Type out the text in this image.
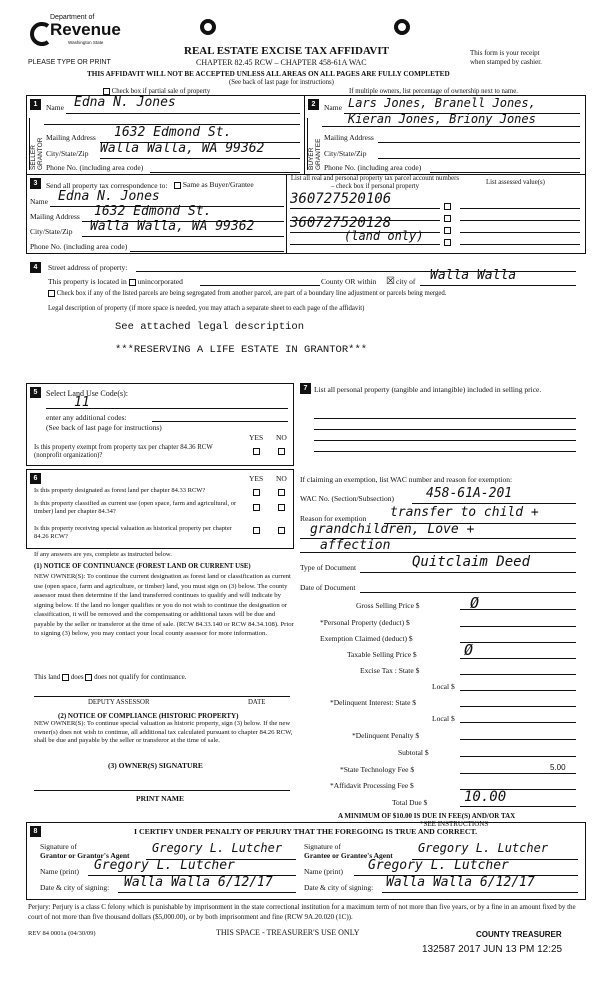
Department of
Revenue
Washington State
PLEASE TYPE OR PRINT
REAL ESTATE EXCISE TAX AFFIDAVIT
CHAPTER 82.45 RCW – CHAPTER 458-61A WAC
This form is your receipt
when stamped by cashier.
THIS AFFIDAVIT WILL NOT BE ACCEPTED UNLESS ALL AREAS ON ALL PAGES ARE FULLY COMPLETED
(See back of last page for instructions)
Check box if partial sale of property	If multiple owners, list percentage of ownership next to name.
1
SELLER GRANTOR
Name Edna N. Jones
Mailing Address 1632 Edmond St.
City/State/Zip Walla Walla, WA 99362
Phone No. (including area code)
2
BUYER GRANTEE
Name Lars Jones, Branell Jones,
Kieran Jones, Briony Jones
Mailing Address
City/State/Zip
Phone No. (including area code)
3	Send all property tax correspondence to:	Same as Buyer/Grantee
Name Edna N. Jones
Mailing Address 1632 Edmond St.
City/State/Zip Walla Walla, WA 99362
Phone No. (including area code)
List all real and personal property tax parcel account numbers – check box if personal property
List assessed value(s)
360727520106
360727520128
(land only)
4	Street address of property:
This property is located in unincorporated	County OR within ☒ city of Walla Walla
Check box if any of the listed parcels are being segregated from another parcel, are part of a boundary line adjustment or parcels being merged.
Legal description of property (if more space is needed, you may attach a separate sheet to each page of the affidavit)
See attached legal description
***RESERVING A LIFE ESTATE IN GRANTOR***
5	Select Land Use Code(s):
11
enter any additional codes:
(See back of last page for instructions)
YES NO
Is this property exempt from property tax per chapter 84.36 RCW (nonprofit organization)?
7 List all personal property (tangible and intangible) included in selling price.
6	YES NO
Is this property designated as forest land per chapter 84.33 RCW?
Is this property classified as current use (open space, farm and agricultural, or timber) land per chapter 84.34?
Is this property receiving special valuation as historical property per chapter 84.26 RCW?
If any answers are yes, complete as instructed below.
(1) NOTICE OF CONTINUANCE (FOREST LAND OR CURRENT USE)
NEW OWNER(S): To continue the current designation as forest land or classification as current use (open space, farm and agriculture, or timber) land, you must sign on (3) below. The county assessor must then determine if the land transferred continues to qualify and will indicate by signing below. If the land no longer qualifies or you do not wish to continue the designation or classification, it will be removed and the compensating or additional taxes will be due and payable by the seller or transferor at the time of sale. (RCW 84.33.140 or RCW 84.34.108). Prior to signing (3) below, you may contact your local county assessor for more information.
This land does does not qualify for continuance.
DEPUTY ASSESSOR	DATE
(2) NOTICE OF COMPLIANCE (HISTORIC PROPERTY)
NEW OWNER(S): To continue special valuation as historic property, sign (3) below. If the new owner(s) does not wish to continue, all additional tax calculated pursuant to chapter 84.26 RCW, shall be due and payable by the seller or transferor at the time of sale.
(3) OWNER(S) SIGNATURE
PRINT NAME
If claiming an exemption, list WAC number and reason for exemption:
WAC No. (Section/Subsection) 458-61A-201
Reason for exemption transfer to child +
grandchildren, Love +
affection
Type of Document	Quitclaim Deed
Date of Document
Gross Selling Price $	Ø
*Personal Property (deduct) $
Exemption Claimed (deduct) $
Taxable Selling Price $	Ø
Excise Tax : State $
Local $
*Delinquent Interest: State $
Local $
*Delinquent Penalty $
Subtotal $
*State Technology Fee $	5.00
*Affidavit Processing Fee $
Total Due $	10.00
A MINIMUM OF $10.00 IS DUE IN FEE(S) AND/OR TAX
*SEE INSTRUCTIONS
8	I CERTIFY UNDER PENALTY OF PERJURY THAT THE FOREGOING IS TRUE AND CORRECT.
Signature of
Grantor or Grantor's Agent
Gregory L. Lutcher
Name (print) Gregory L. Lutcher
Date & city of signing: Walla Walla 6/12/17
Signature of
Grantee or Grantee's Agent
Gregory L. Lutcher
Name (print) Gregory L. Lutcher
Date & city of signing: Walla Walla 6/12/17
Perjury: Perjury is a class C felony which is punishable by imprisonment in the state correctional institution for a maximum term of not more than five years, or by a fine in an amount fixed by the court of not more than five thousand dollars ($5,000.00), or by both imprisonment and fine (RCW 9A.20.020 (1C)).
REV 84 0001a (04/30/09)	THIS SPACE - TREASURER'S USE ONLY	COUNTY TREASURER
132587 2017 JUN 13 PM 12:25
